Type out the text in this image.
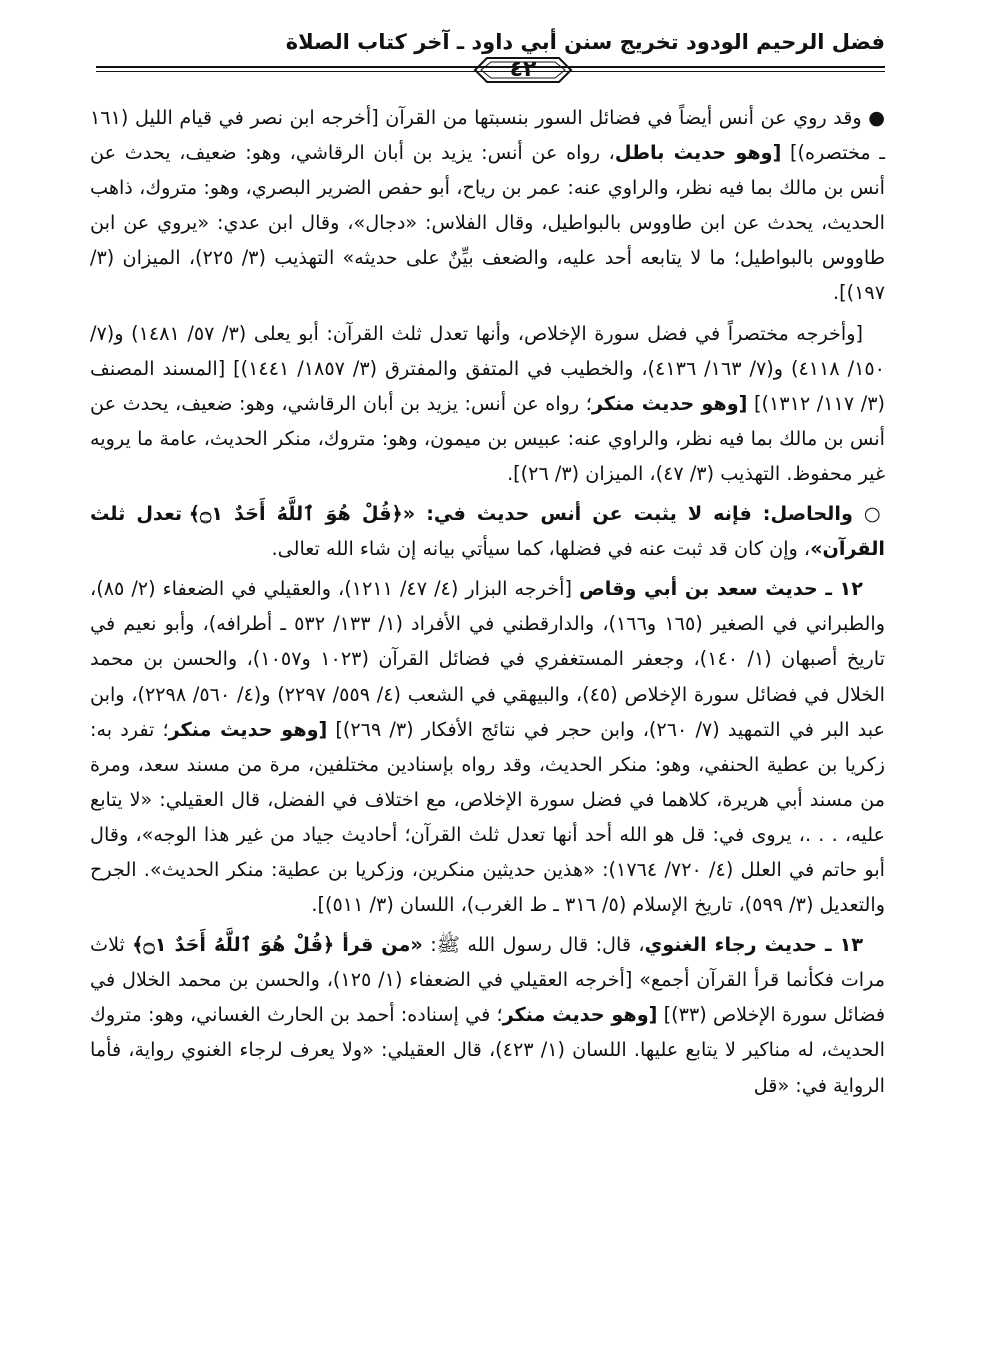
فضل الرحيم الودود تخريج سنن أبي داود ـ آخر كتاب الصلاة
٤٢

● وقد روي عن أنس أيضاً في فضائل السور بنسبتها من القرآن [أخرجه ابن نصر في قيام الليل (١٦١ ـ مختصره)] [وهو حديث باطل، رواه عن أنس: يزيد بن أبان الرقاشي، وهو: ضعيف، يحدث عن أنس بن مالك بما فيه نظر، والراوي عنه: عمر بن رياح، أبو حفص الضرير البصري، وهو: متروك، ذاهب الحديث، يحدث عن ابن طاووس بالبواطيل، وقال الفلاس: «دجال»، وقال ابن عدي: «يروي عن ابن طاووس بالبواطيل؛ ما لا يتابعه أحد عليه، والضعف بيِّنٌ على حديثه» التهذيب (٣/ ٢٢٥)، الميزان (٣/ ١٩٧)].

[وأخرجه مختصراً في فضل سورة الإخلاص، وأنها تعدل ثلث القرآن: أبو يعلى (٣/ ٥٧/ ١٤٨١) و(٧/ ١٥٠/ ٤١١٨) و(٧/ ١٦٣/ ٤١٣٦)، والخطيب في المتفق والمفترق (٣/ ١٨٥٧/ ١٤٤١)] [المسند المصنف (٣/ ١١٧/ ١٣١٢)] [وهو حديث منكر؛ رواه عن أنس: يزيد بن أبان الرقاشي، وهو: ضعيف، يحدث عن أنس بن مالك بما فيه نظر، والراوي عنه: عبيس بن ميمون، وهو: متروك، منكر الحديث، عامة ما يرويه غير محفوظ. التهذيب (٣/ ٤٧)، الميزان (٣/ ٢٦)].

○ والحاصل: فإنه لا يثبت عن أنس حديث في: «﴿قُلْ هُوَ ٱللَّهُ أَحَدٌ ۝١﴾ تعدل ثلث القرآن»، وإن كان قد ثبت عنه في فضلها، كما سيأتي بيانه إن شاء الله تعالى.

١٢ ـ حديث سعد بن أبي وقاص [أخرجه البزار (٤/ ٤٧/ ١٢١١)، والعقيلي في الضعفاء (٢/ ٨٥)، والطبراني في الصغير (١٦٥ و١٦٦)، والدارقطني في الأفراد (١/ ١٣٣/ ٥٣٢ ـ أطرافه)، وأبو نعيم في تاريخ أصبهان (١/ ١٤٠)، وجعفر المستغفري في فضائل القرآن (١٠٢٣ و١٠٥٧)، والحسن بن محمد الخلال في فضائل سورة الإخلاص (٤٥)، والبيهقي في الشعب (٤/ ٥٥٩/ ٢٢٩٧) و(٤/ ٥٦٠/ ٢٢٩٨)، وابن عبد البر في التمهيد (٧/ ٢٦٠)، وابن حجر في نتائج الأفكار (٣/ ٢٦٩)] [وهو حديث منكر؛ تفرد به: زكريا بن عطية الحنفي، وهو: منكر الحديث، وقد رواه بإسنادين مختلفين، مرة من مسند سعد، ومرة من مسند أبي هريرة، كلاهما في فضل سورة الإخلاص، مع اختلاف في الفضل، قال العقيلي: «لا يتابع عليه، . . .، يروى في: قل هو الله أحد أنها تعدل ثلث القرآن؛ أحاديث جياد من غير هذا الوجه»، وقال أبو حاتم في العلل (٤/ ٧٢٠/ ١٧٦٤): «هذين حديثين منكرين، وزكريا بن عطية: منكر الحديث». الجرح والتعديل (٣/ ٥٩٩)، تاريخ الإسلام (٥/ ٣١٦ ـ ط الغرب)، اللسان (٣/ ٥١١)].

١٣ ـ حديث رجاء الغنوي، قال: قال رسول الله ﷺ: «من قرأ ﴿قُلْ هُوَ ٱللَّهُ أَحَدٌ ۝١﴾ ثلاث مرات فكأنما قرأ القرآن أجمع» [أخرجه العقيلي في الضعفاء (١/ ١٢٥)، والحسن بن محمد الخلال في فضائل سورة الإخلاص (٣٣)] [وهو حديث منكر؛ في إسناده: أحمد بن الحارث الغساني، وهو: متروك الحديث، له مناكير لا يتابع عليها. اللسان (١/ ٤٢٣)، قال العقيلي: «ولا يعرف لرجاء الغنوي رواية، فأما الرواية في: «قل
